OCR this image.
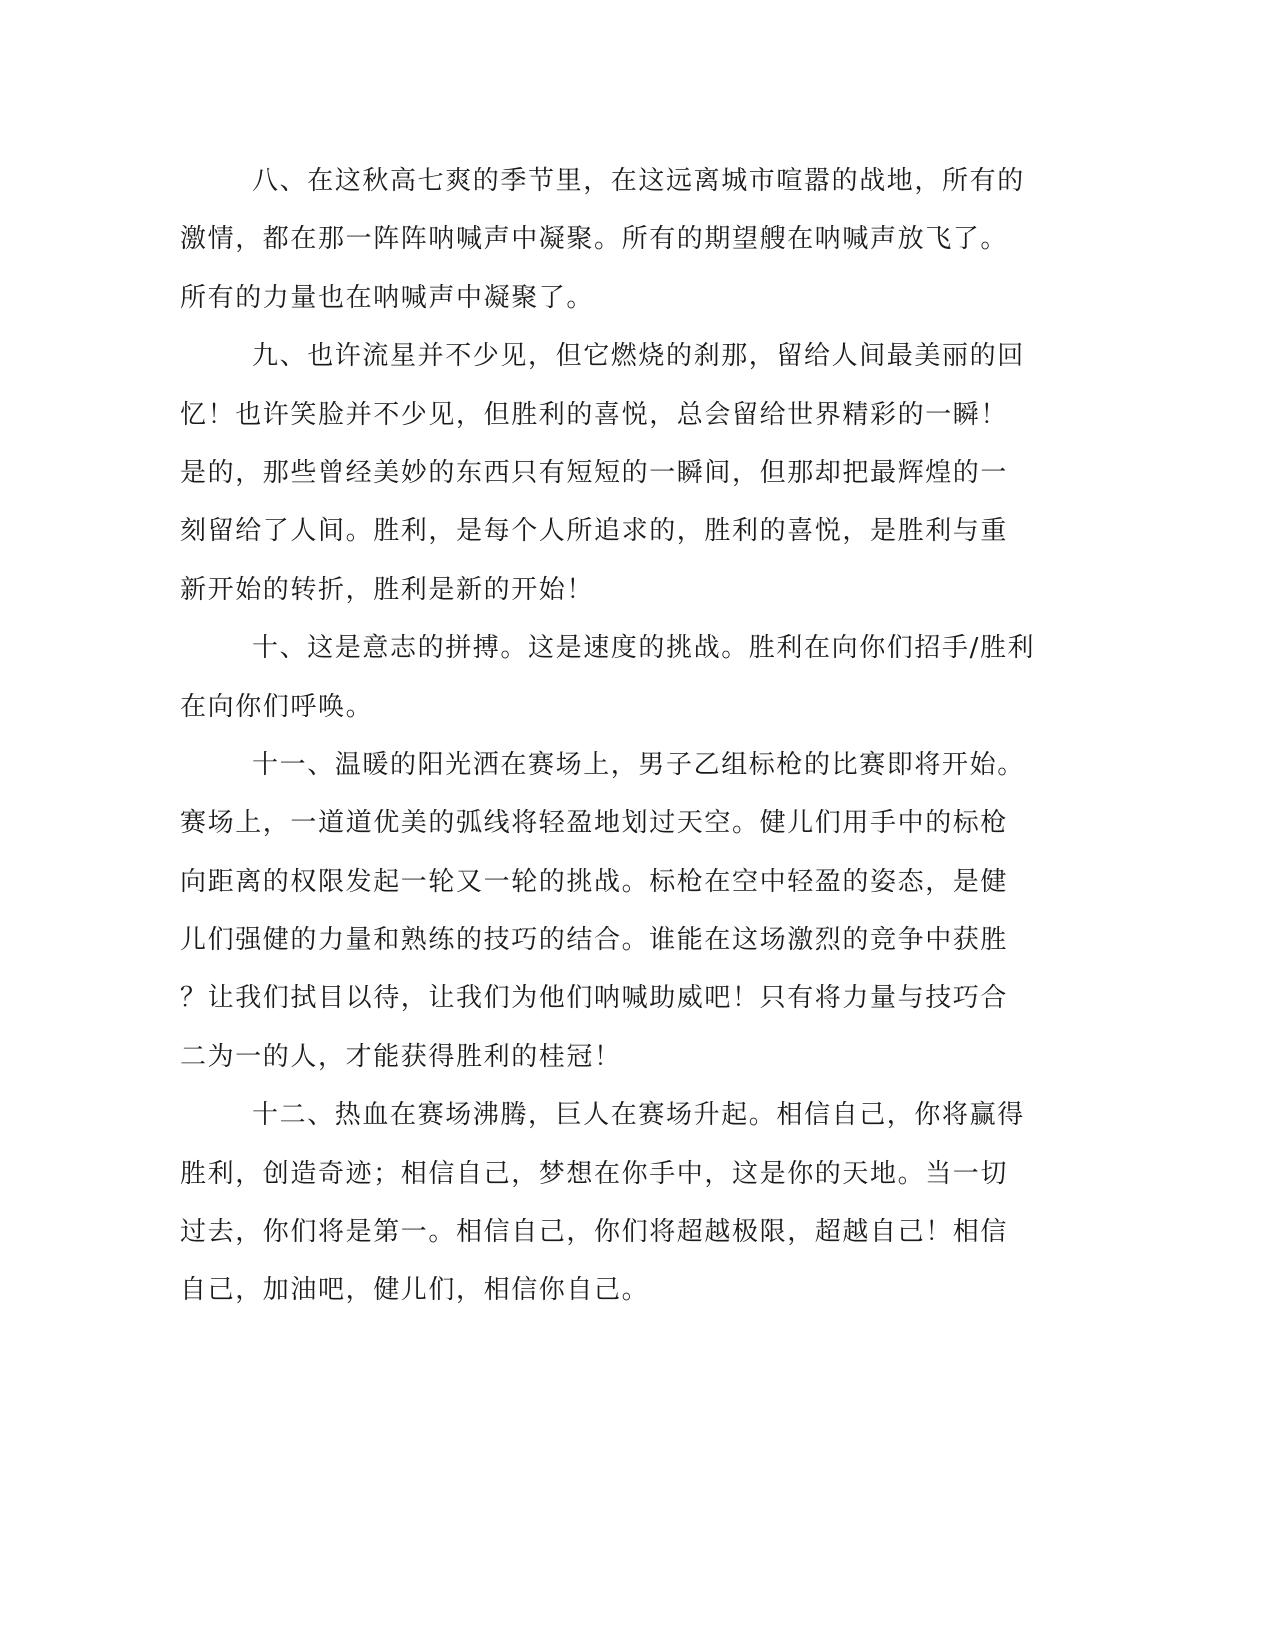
八、在这秋高七爽的季节里，在这远离城市喧嚣的战地，所有的
激情，都在那一阵阵呐喊声中凝聚。所有的期望艘在呐喊声放飞了。
所有的力量也在呐喊声中凝聚了。
九、也许流星并不少见，但它燃烧的刹那，留给人间最美丽的回
忆！也许笑脸并不少见，但胜利的喜悦，总会留给世界精彩的一瞬！
是的，那些曾经美妙的东西只有短短的一瞬间，但那却把最辉煌的一
刻留给了人间。胜利，是每个人所追求的，胜利的喜悦，是胜利与重
新开始的转折，胜利是新的开始！
十、这是意志的拼搏。这是速度的挑战。胜利在向你们招手/胜利
在向你们呼唤。
十一、温暖的阳光洒在赛场上，男子乙组标枪的比赛即将开始。
赛场上，一道道优美的弧线将轻盈地划过天空。健儿们用手中的标枪
向距离的权限发起一轮又一轮的挑战。标枪在空中轻盈的姿态，是健
儿们强健的力量和熟练的技巧的结合。谁能在这场激烈的竞争中获胜
？让我们拭目以待，让我们为他们呐喊助威吧！只有将力量与技巧合
二为一的人，才能获得胜利的桂冠！
十二、热血在赛场沸腾，巨人在赛场升起。相信自己，你将赢得
胜利，创造奇迹；相信自己，梦想在你手中，这是你的天地。当一切
过去，你们将是第一。相信自己，你们将超越极限，超越自己！相信
自己，加油吧，健儿们，相信你自己。
